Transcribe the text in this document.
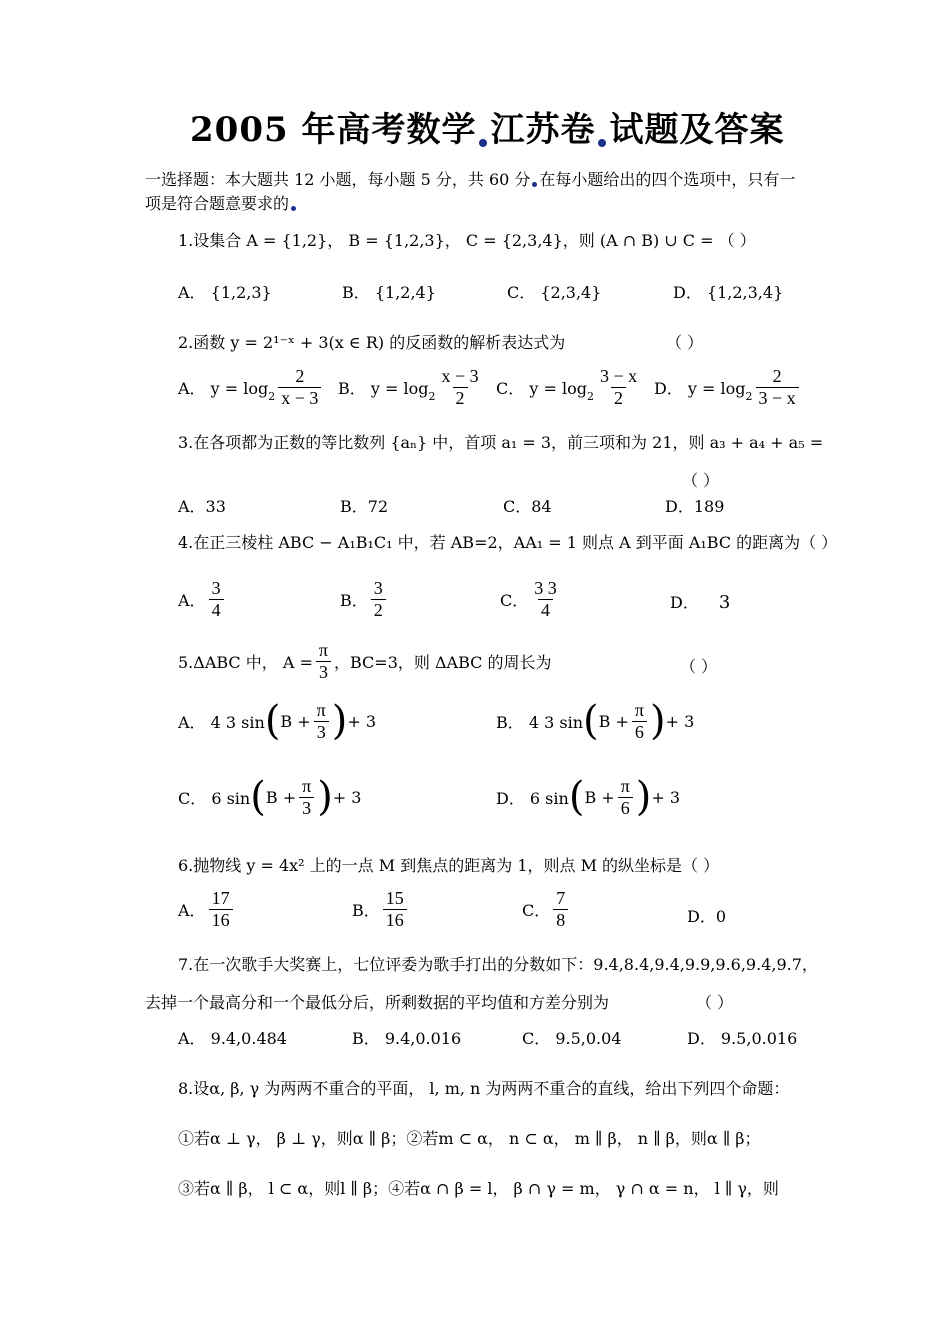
2005 年高考数学 江苏卷 试题及答案
一选择题：本大题共 12 小题，每小题 5 分，共 60 分 在每小题给出的四个选项中，只有一
项是符合题意要求的
1.设集合 A = {1,2}， B = {1,2,3}， C = {2,3,4}，则 (A ∩ B) ∪ C = （ ）
A． {1,2,3}	B． {1,2,4}	C． {2,3,4}	D． {1,2,3,4}
2.函数 y = 2¹⁻ˣ + 3(x ∈ R) 的反函数的解析表达式为	（ ）
A． $y = \log_2 \frac{2}{x - 3}$ B． $y = \log_2 \frac{x - 3}{2}$ C． $y = \log_2 \frac{3 - x}{2}$ D． $y = \log_2 \frac{2}{3 - x}$
3.在各项都为正数的等比数列 {aₙ} 中，首项 a₁ = 3，前三项和为 21，则 a₃ + a₄ + a₅ =
（ ）
A．33	B．72	C．84	D．189
4.在正三棱柱 ABC − A₁B₁C₁ 中，若 AB=2，AA₁ = 1 则点 A 到平面 A₁BC 的距离为（ ）
A． $\frac{3}{4}$	B． $\frac{3}{2}$	C． $\frac{3 3}{4}$	D． 3
5.ΔABC 中， $A = \frac{\pi}{3}$ ，BC=3，则 ΔABC 的周长为	（ ）
A． 4 3 sin ( $B + \frac{\pi}{3}$ ) + 3	B． 4 3 sin ( $B + \frac{\pi}{6}$ ) + 3
C． 6 sin ( $B + \frac{\pi}{3}$ ) + 3	D． 6 sin ( $B + \frac{\pi}{6}$ ) + 3
6.抛物线 y = 4x² 上的一点 M 到焦点的距离为 1，则点 M 的纵坐标是（ ）
A． $\frac{17}{16}$	B． $\frac{15}{16}$	C． $\frac{7}{8}$	D．0
7.在一次歌手大奖赛上，七位评委为歌手打出的分数如下：9.4,8.4,9.4,9.9,9.6,9.4,9.7，
去掉一个最高分和一个最低分后，所剩数据的平均值和方差分别为	（ ）
A． 9.4,0.484	B． 9.4,0.016	C． 9.5,0.04	D． 9.5,0.016
8.设α, β, γ 为两两不重合的平面， l, m, n 为两两不重合的直线，给出下列四个命题：
①若α ⊥ γ， β ⊥ γ，则α ∥ β；②若m ⊂ α， n ⊂ α， m ∥ β， n ∥ β，则α ∥ β；
③若α ∥ β， l ⊂ α，则l ∥ β；④若α ∩ β = l， β ∩ γ = m， γ ∩ α = n， l ∥ γ，则
